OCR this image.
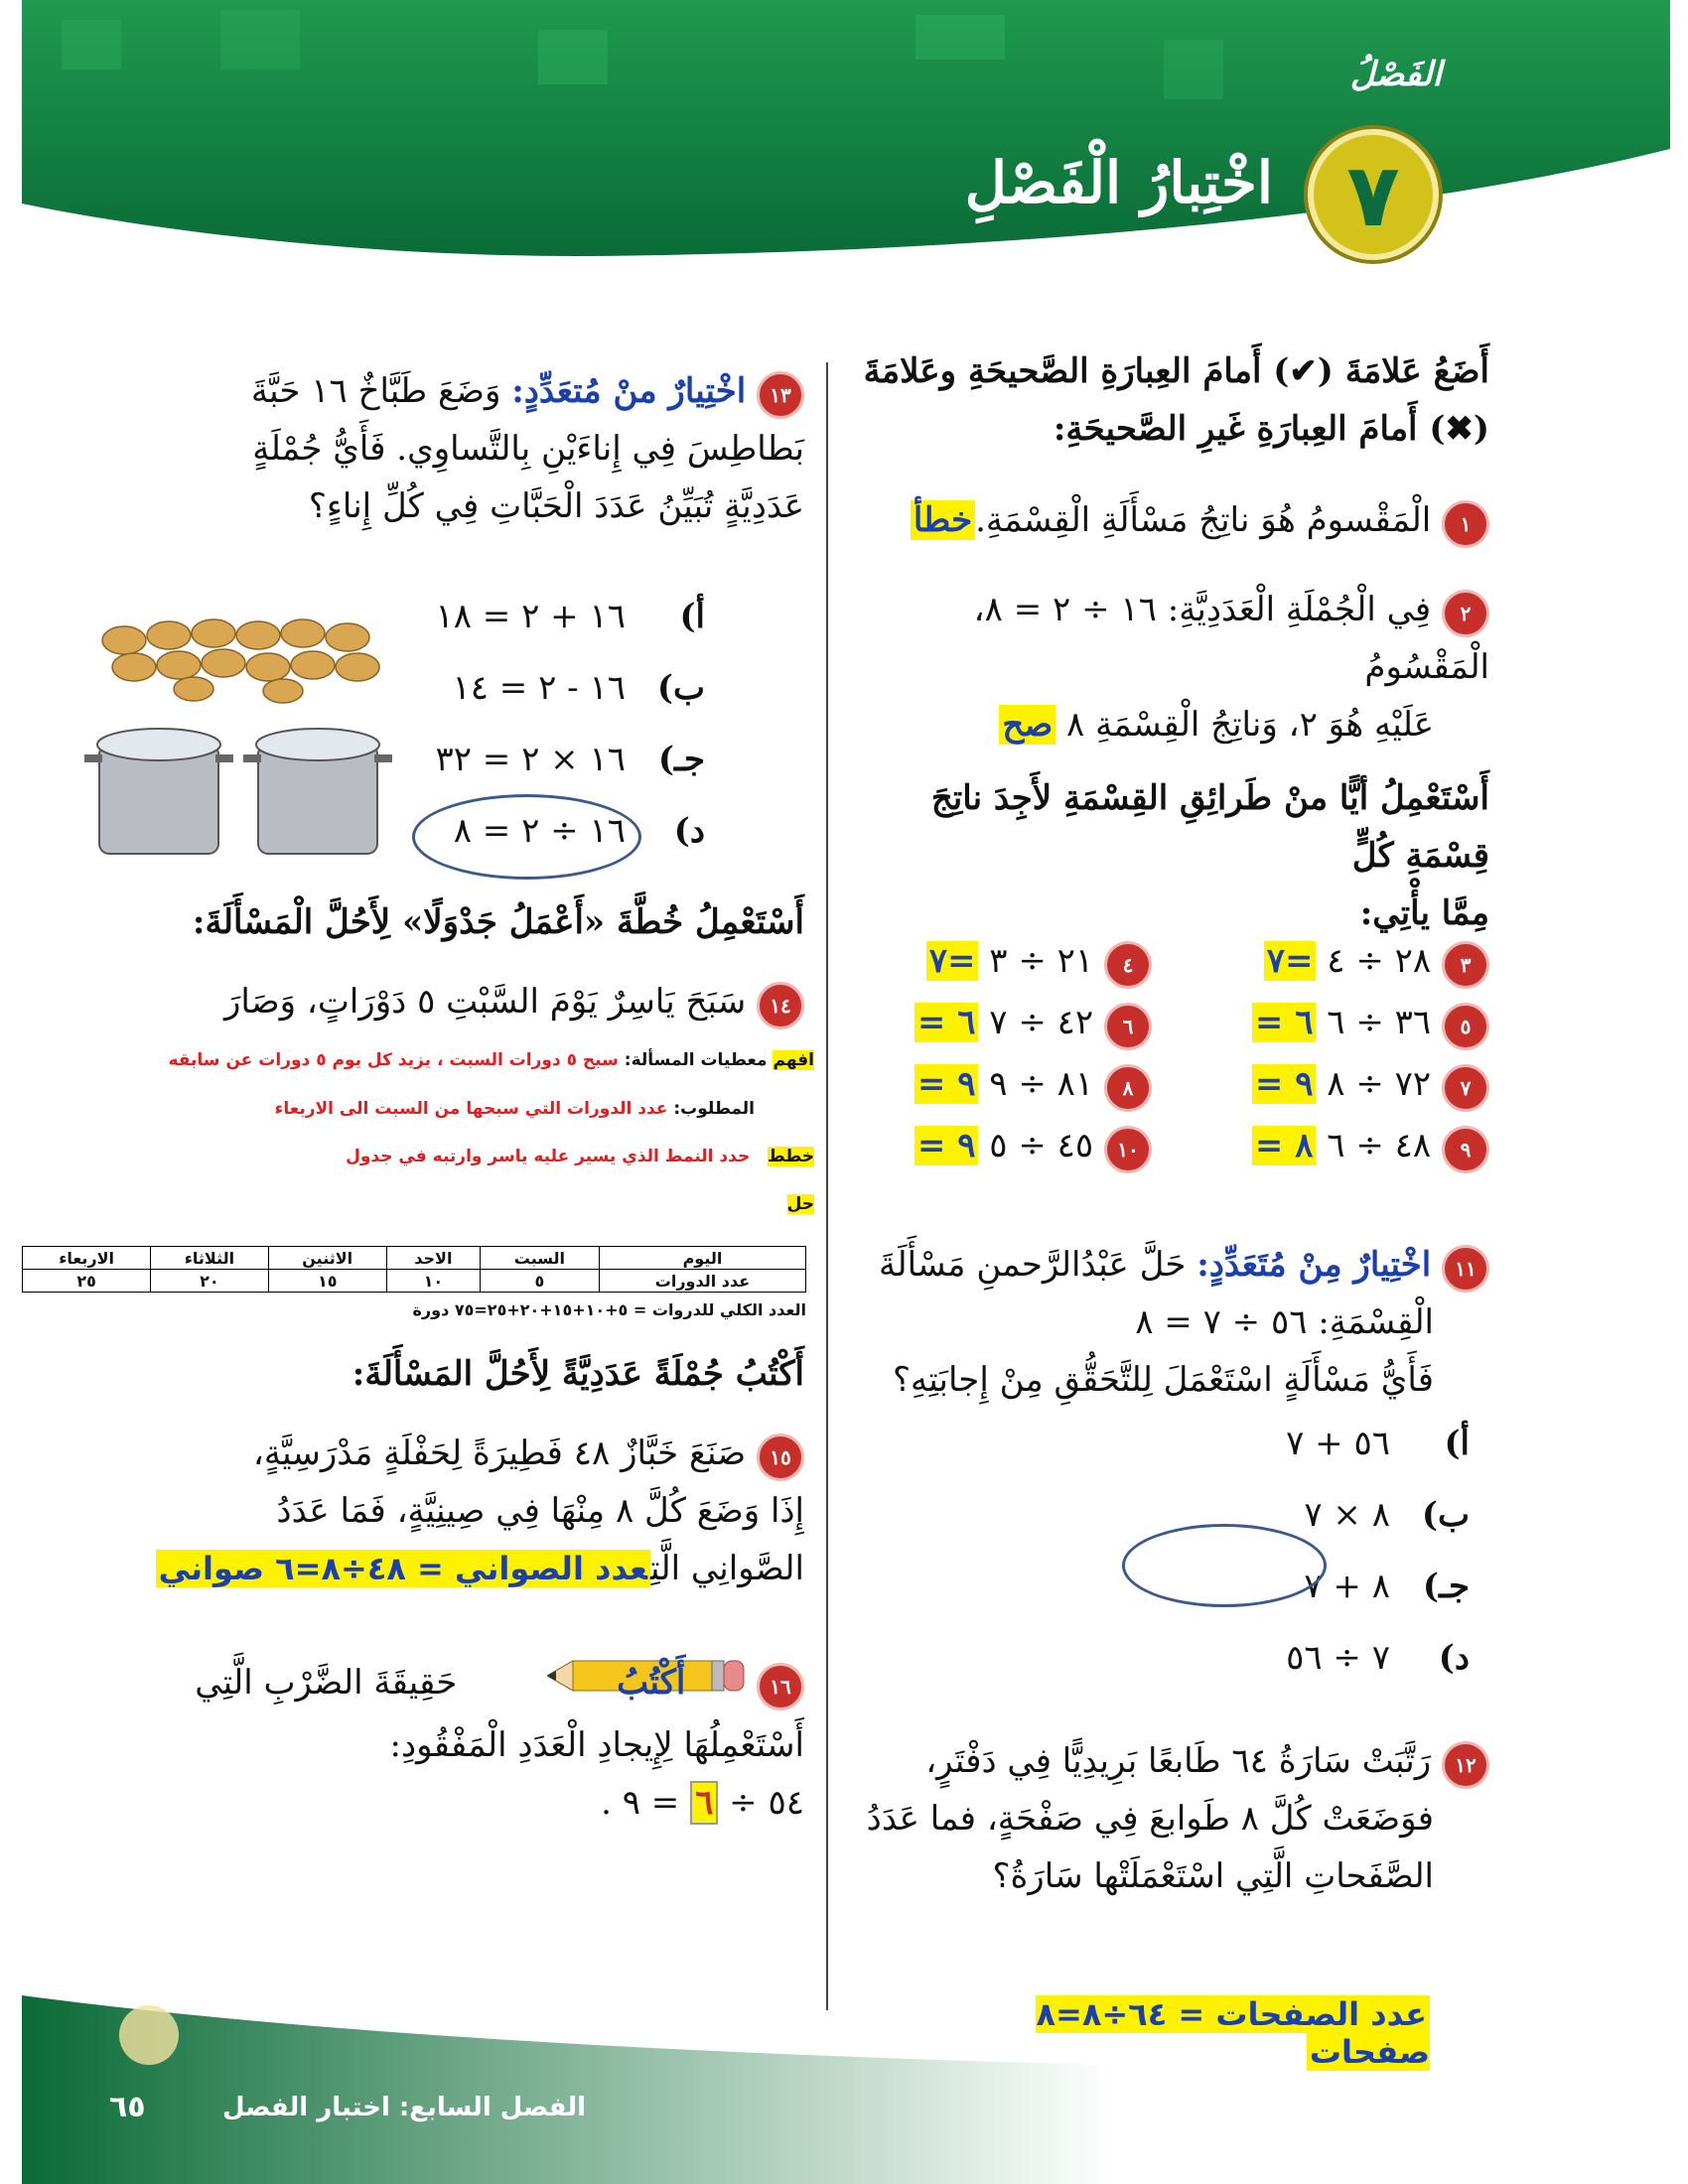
الفَصْلُ
٧
اخْتِبارُ الْفَصْلِ
أَضَعُ عَلامَةَ (✔) أَمامَ العِبارَةِ الصَّحيحَةِ وعَلامَةَ
(✖) أَمامَ العِبارَةِ غَيرِ الصَّحيحَةِ:
١ الْمَقْسومُ هُوَ ناتِجُ مَسْأَلَةِ الْقِسْمَةِ.خطأ
٢ فِي الْجُمْلَةِ الْعَدَدِيَّةِ: ١٦ ÷ ٢ = ٨، الْمَقْسُومُ
عَلَيْهِ هُوَ ٢، وَناتِجُ الْقِسْمَةِ ٨ صح
أَسْتَعْمِلُ أيًّا منْ طَرائِقِ القِسْمَةِ لأَجِدَ ناتِجَ قِسْمَةِ كُلٍّ
مِمَّا يأْتِي:
٣ ٢٨ ÷ ٤ =٧
٤ ٢١ ÷ ٣ =٧
٥ ٣٦ ÷ ٦ ٦ =
٦ ٤٢ ÷ ٧ ٦ =
٧ ٧٢ ÷ ٨ ٩ =
٨ ٨١ ÷ ٩ ٩ =
٩ ٤٨ ÷ ٦ ٨ =
١٠ ٤٥ ÷ ٥ ٩ =
١١ اخْتِيارٌ مِنْ مُتَعَدِّدٍ: حَلَّ عَبْدُالرَّحمنِ مَسْأَلَةَ
الْقِسْمَةِ: ٥٦ ÷ ٧ = ٨
فَأَيُّ مَسْأَلَةٍ اسْتَعْمَلَ لِلتَّحَقُّقِ مِنْ إِجابَتِهِ؟
أ)٥٦ + ٧
ب)٨ × ٧
جـ)٨ + ٧
د)٧ ÷ ٥٦
١٢ رَتَّبَتْ سَارَةُ ٦٤ طَابعًا بَرِيدِيًّا فِي دَفْتَرٍ،
فوَضَعَتْ كُلَّ ٨ طَوابعَ فِي صَفْحَةٍ، فما عَدَدُ
الصَّفَحاتِ الَّتِي اسْتَعْمَلَتْها سَارَةُ؟
عدد الصفحات = ٦٤÷٨=٨ صفحات
١٣ اخْتِيارٌ منْ مُتعَدِّدٍ: وَضَعَ طَبَّاخٌ ١٦ حَبَّةَ
بَطاطِسَ فِي إِناءَيْنِ بِالتَّساوِي. فَأَيُّ جُمْلَةٍ
عَدَدِيَّةٍ تُبَيِّنُ عَدَدَ الْحَبَّاتِ فِي كُلِّ إِناءٍ؟
أ)١٦ + ٢ = ١٨
ب)١٦ - ٢ = ١٤
جـ)١٦ × ٢ = ٣٢
د)١٦ ÷ ٢ = ٨
أَسْتَعْمِلُ خُطَّةَ «أَعْمَلُ جَدْوَلًا» لِأَحُلَّ الْمَسْأَلَةَ:
١٤ سَبَحَ يَاسِرٌ يَوْمَ السَّبْتِ ٥ دَوْرَاتٍ، وَصَارَ
افهم معطيات المسألة: سبح ٥ دورات السبت ، يزيد كل يوم ٥ دورات عن سابقه
المطلوب: عدد الدورات التي سبحها من السبت الى الاربعاء
خطط   حدد النمط الذي يسير عليه ياسر وارتبه في جدول
حل
اليوم	السبت	الاحد	الاثنين	الثلاثاء	الاربعاء
عدد الدورات	٥	١٠	١٥	٢٠	٢٥
العدد الكلي للدروات = ٥+١٠+١٥+٢٠+٢٥=٧٥ دورة
أَكْتُبُ جُمْلَةً عَدَدِيَّةً لِأَحُلَّ المَسْأَلَةَ:
١٥ صَنَعَ خَبَّازٌ ٤٨ فَطِيرَةً لِحَفْلَةٍ مَدْرَسِيَّةٍ،
إِذَا وَضَعَ كُلَّ ٨ مِنْهَا فِي صِينِيَّةٍ، فَمَا عَدَدُ
الصَّوانِي الَّتِعدد الصواني = ٤٨÷٨=٦ صواني
١٦  أَكْتُبُ حَقِيقَةَ الضَّرْبِ الَّتِي
أَسْتَعْمِلُهَا لِإِيجادِ الْعَدَدِ الْمَفْقُودِ:
٥٤ ÷ ٦ = ٩ .
٦٥	الفصل السابع: اختبار الفصل
